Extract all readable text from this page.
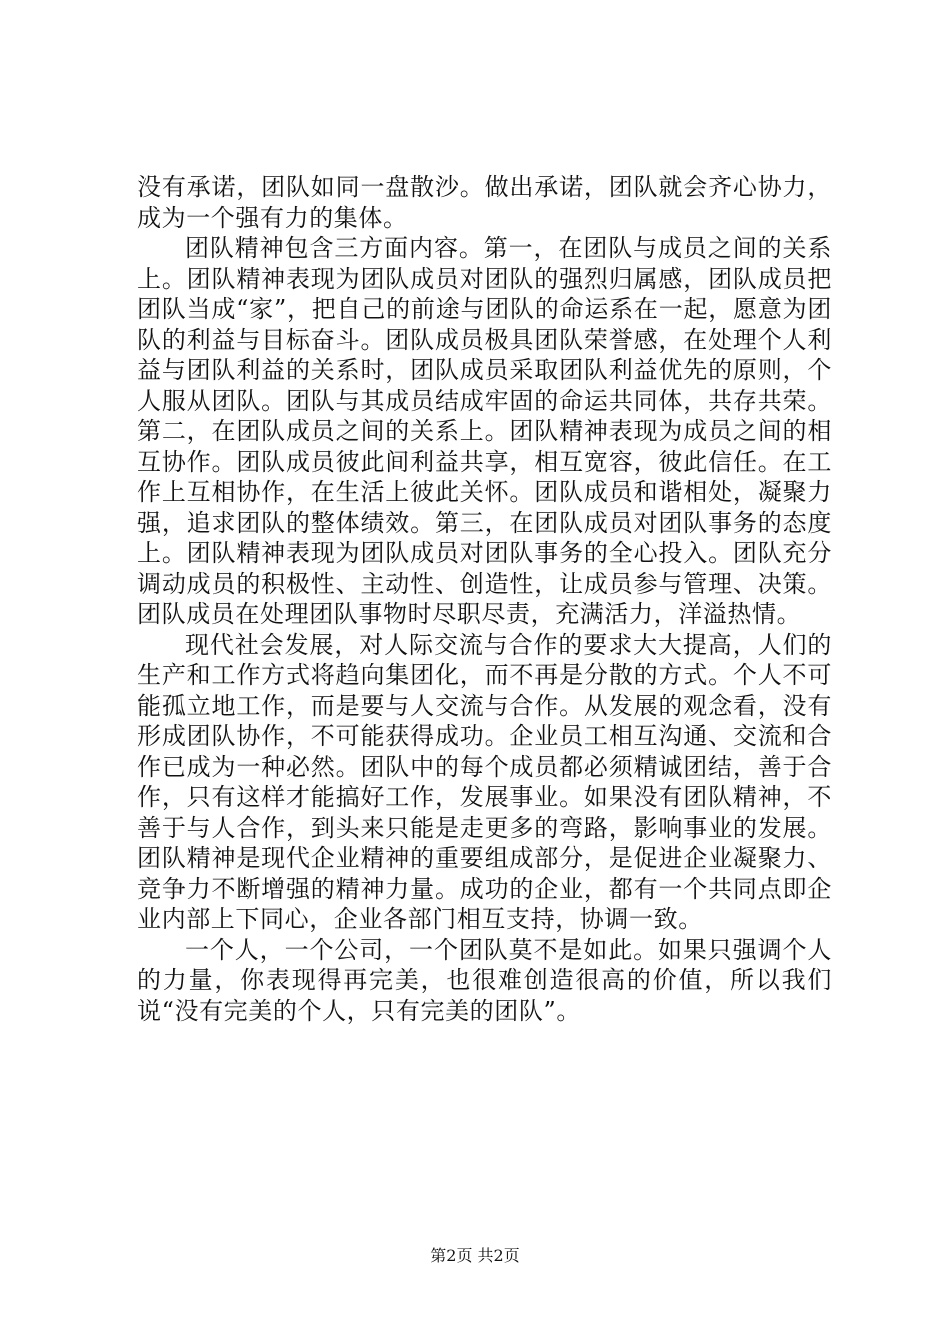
没有承诺，团队如同一盘散沙。做出承诺，团队就会齐心协力，成为一个强有力的集体。

团队精神包含三方面内容。第一，在团队与成员之间的关系上。团队精神表现为团队成员对团队的强烈归属感，团队成员把团队当成“家”，把自己的前途与团队的命运系在一起，愿意为团队的利益与目标奋斗。团队成员极具团队荣誉感，在处理个人利益与团队利益的关系时，团队成员采取团队利益优先的原则，个人服从团队。团队与其成员结成牢固的命运共同体，共存共荣。第二，在团队成员之间的关系上。团队精神表现为成员之间的相互协作。团队成员彼此间利益共享，相互宽容，彼此信任。在工作上互相协作，在生活上彼此关怀。团队成员和谐相处，凝聚力强，追求团队的整体绩效。第三，在团队成员对团队事务的态度上。团队精神表现为团队成员对团队事务的全心投入。团队充分调动成员的积极性、主动性、创造性，让成员参与管理、决策。团队成员在处理团队事物时尽职尽责，充满活力，洋溢热情。

现代社会发展，对人际交流与合作的要求大大提高，人们的生产和工作方式将趋向集团化，而不再是分散的方式。个人不可能孤立地工作，而是要与人交流与合作。从发展的观念看，没有形成团队协作，不可能获得成功。企业员工相互沟通、交流和合作已成为一种必然。团队中的每个成员都必须精诚团结，善于合作，只有这样才能搞好工作，发展事业。如果没有团队精神，不善于与人合作，到头来只能是走更多的弯路，影响事业的发展。团队精神是现代企业精神的重要组成部分，是促进企业凝聚力、竞争力不断增强的精神力量。成功的企业，都有一个共同点即企业内部上下同心，企业各部门相互支持，协调一致。

一个人，一个公司，一个团队莫不是如此。如果只强调个人的力量，你表现得再完美，也很难创造很高的价值，所以我们说“没有完美的个人，只有完美的团队”。

第2页 共2页
